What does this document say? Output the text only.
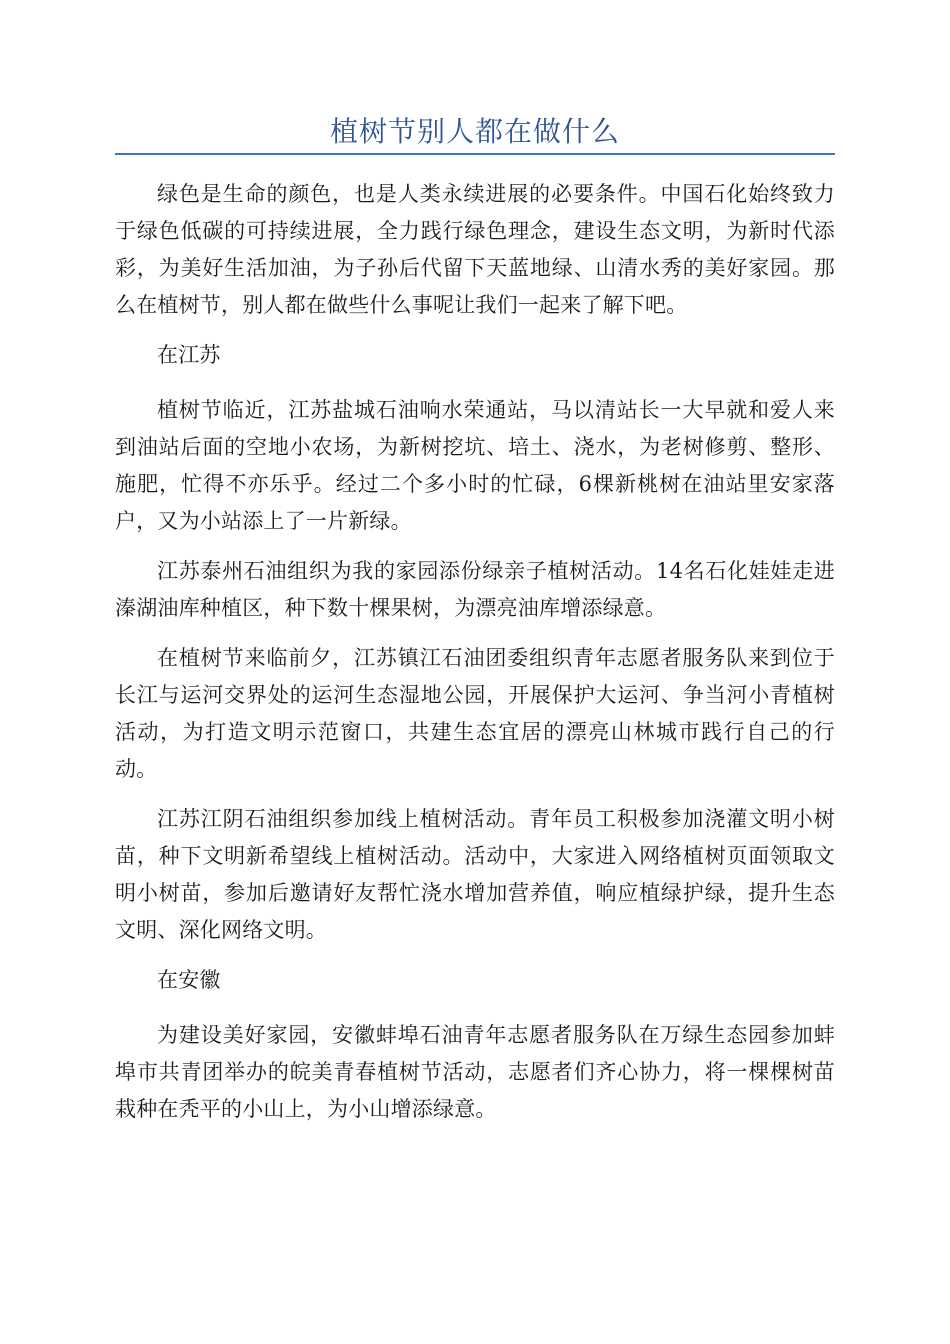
植树节别人都在做什么

绿色是生命的颜色，也是人类永续进展的必要条件。中国石化始终致力于绿色低碳的可持续进展，全力践行绿色理念，建设生态文明，为新时代添彩，为美好生活加油，为子孙后代留下天蓝地绿、山清水秀的美好家园。那么在植树节，别人都在做些什么事呢让我们一起来了解下吧。

在江苏

植树节临近，江苏盐城石油响水荣通站，马以清站长一大早就和爱人来到油站后面的空地小农场，为新树挖坑、培土、浇水，为老树修剪、整形、施肥，忙得不亦乐乎。经过二个多小时的忙碌，6棵新桃树在油站里安家落户，又为小站添上了一片新绿。

江苏泰州石油组织为我的家园添份绿亲子植树活动。14名石化娃娃走进溱湖油库种植区，种下数十棵果树，为漂亮油库增添绿意。

在植树节来临前夕，江苏镇江石油团委组织青年志愿者服务队来到位于长江与运河交界处的运河生态湿地公园，开展保护大运河、争当河小青植树活动，为打造文明示范窗口，共建生态宜居的漂亮山林城市践行自己的行动。

江苏江阴石油组织参加线上植树活动。青年员工积极参加浇灌文明小树苗，种下文明新希望线上植树活动。活动中，大家进入网络植树页面领取文明小树苗，参加后邀请好友帮忙浇水增加营养值，响应植绿护绿，提升生态文明、深化网络文明。

在安徽

为建设美好家园，安徽蚌埠石油青年志愿者服务队在万绿生态园参加蚌埠市共青团举办的皖美青春植树节活动，志愿者们齐心协力，将一棵棵树苗栽种在秃平的小山上，为小山增添绿意。
